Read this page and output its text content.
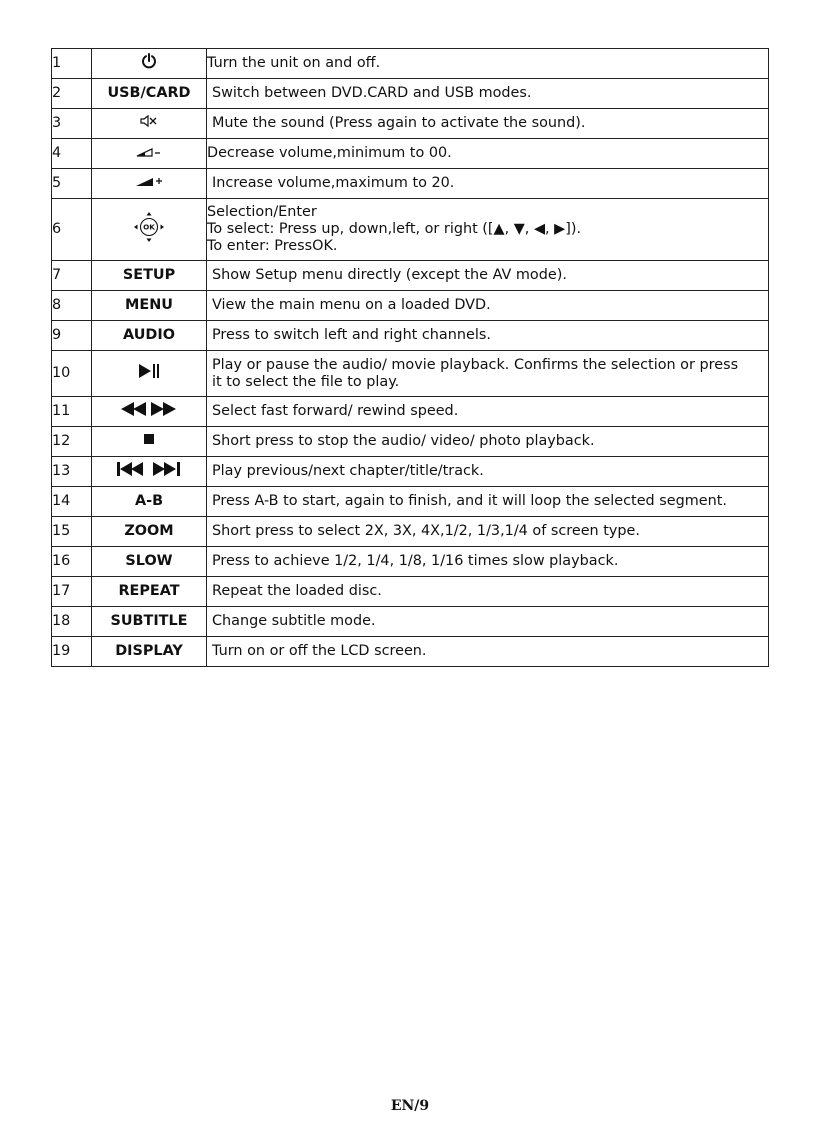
1		Turn the unit on and off.

2	USB/CARD	Switch between DVD.CARD and USB modes.

3		Mute the sound (Press again to activate the sound).

4		Decrease volume,minimum to 00.

5		Increase volume,maximum to 20.

6	OK	Selection/Enter
To select: Press up, down,left, or right ([▲, ▼, ◀, ▶]).
To enter: PressOK.

7	SETUP	Show Setup menu directly (except the AV mode).

8	MENU	View the main menu on a loaded DVD.

9	AUDIO	Press to switch left and right channels.

10		Play or pause the audio/ movie playback. Confirms the selection or press
it to select the file to play.

11		Select fast forward/ rewind speed.

12		Short press to stop the audio/ video/ photo playback.

13		Play previous/next chapter/title/track.

14	A-B	Press A-B to start, again to finish, and it will loop the selected segment.

15	ZOOM	Short press to select 2X, 3X, 4X,1/2, 1/3,1/4 of screen type.

16	SLOW	Press to achieve 1/2, 1/4, 1/8, 1/16 times slow playback.

17	REPEAT	Repeat the loaded disc.

18	SUBTITLE	Change subtitle mode.

19	DISPLAY	Turn on or off the LCD screen.
EN/9
